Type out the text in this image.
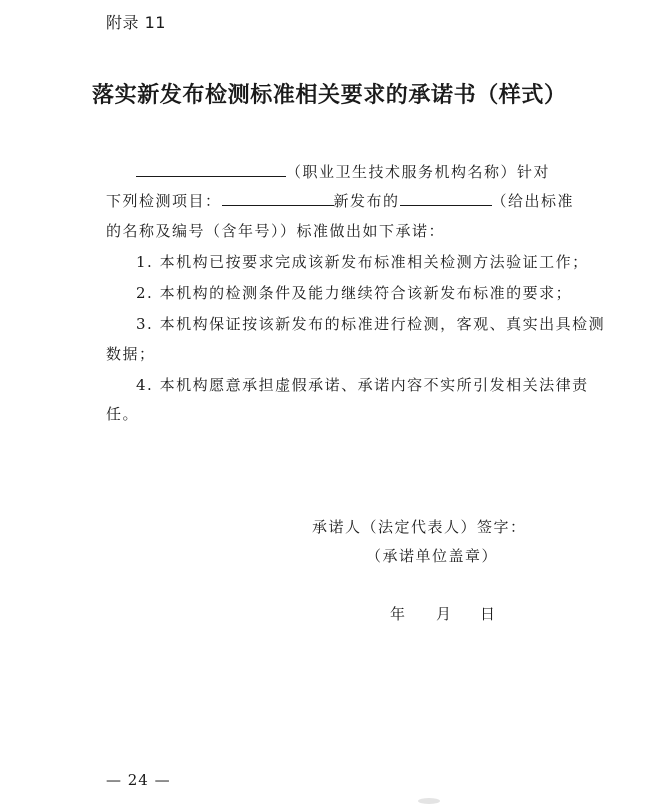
附录 11
落实新发布检测标准相关要求的承诺书（样式）
（职业卫生技术服务机构名称）针对
下列检测项目：	新发布的	（给出标准
的名称及编号（含年号））标准做出如下承诺：
1. 本机构已按要求完成该新发布标准相关检测方法验证工作；
2. 本机构的检测条件及能力继续符合该新发布标准的要求；
3. 本机构保证按该新发布的标准进行检测，客观、真实出具检测
数据；
4. 本机构愿意承担虚假承诺、承诺内容不实所引发相关法律责
任。
承诺人（法定代表人）签字：
（承诺单位盖章）
年 月 日
— 24 —
